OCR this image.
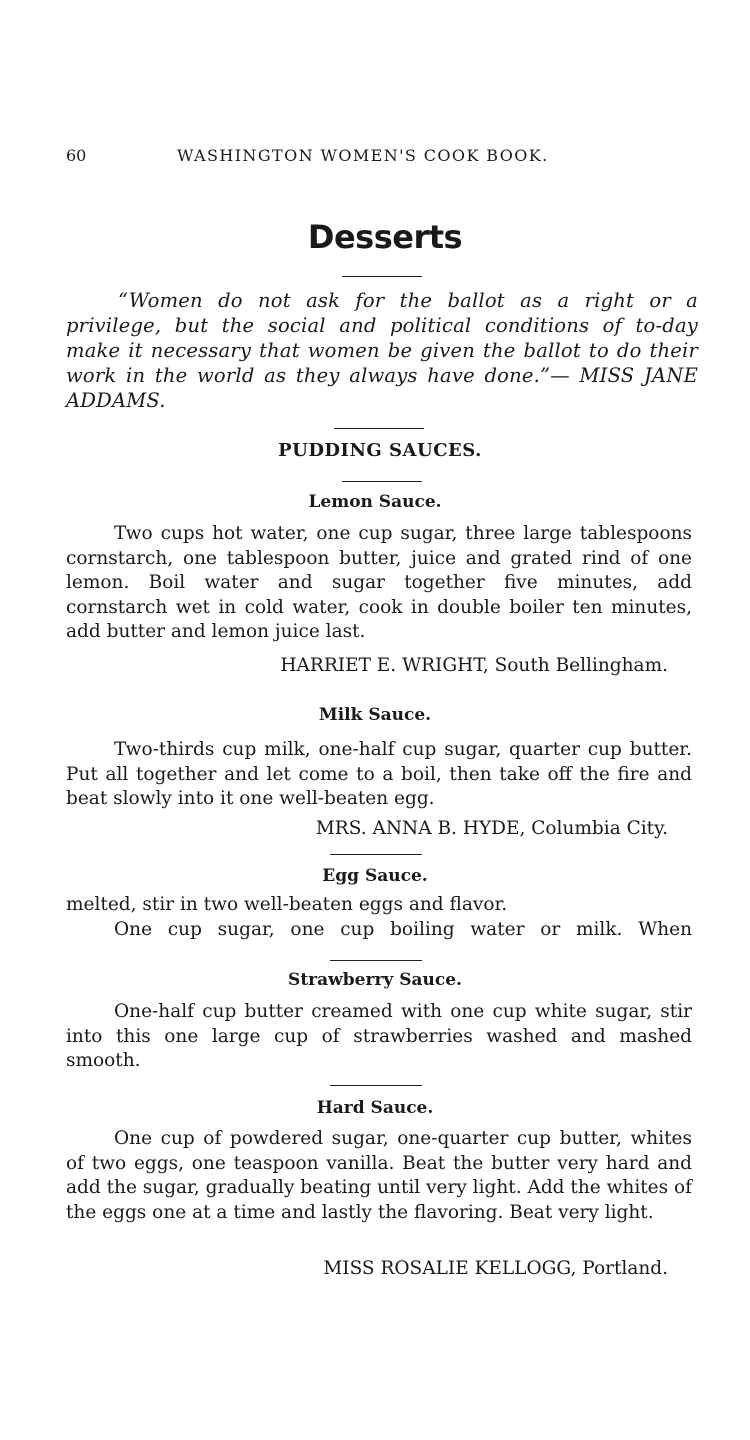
60	WASHINGTON WOMEN'S COOK BOOK.
Desserts
“Women do not ask for the ballot as a right or a privilege, but the social and political conditions of to-day make it necessary that women be given the ballot to do their work in the world as they always have done.”— MISS JANE ADDAMS.
PUDDING SAUCES.
Lemon Sauce.
Two cups hot water, one cup sugar, three large tablespoons cornstarch, one tablespoon butter, juice and grated rind of one lemon. Boil water and sugar together five minutes, add cornstarch wet in cold water, cook in double boiler ten minutes, add butter and lemon juice last.
HARRIET E. WRIGHT, South Bellingham.
Milk Sauce.
Two-thirds cup milk, one-half cup sugar, quarter cup butter. Put all together and let come to a boil, then take off the fire and beat slowly into it one well-beaten egg.
MRS. ANNA B. HYDE, Columbia City.
Egg Sauce.
melted, stir in two well-beaten eggs and flavor.
One cup sugar, one cup boiling water or milk. When
Strawberry Sauce.
One-half cup butter creamed with one cup white sugar, stir into this one large cup of strawberries washed and mashed smooth.
Hard Sauce.
One cup of powdered sugar, one-quarter cup butter, whites of two eggs, one teaspoon vanilla. Beat the butter very hard and add the sugar, gradually beating until very light. Add the whites of the eggs one at a time and lastly the flavoring. Beat very light.
MISS ROSALIE KELLOGG, Portland.
